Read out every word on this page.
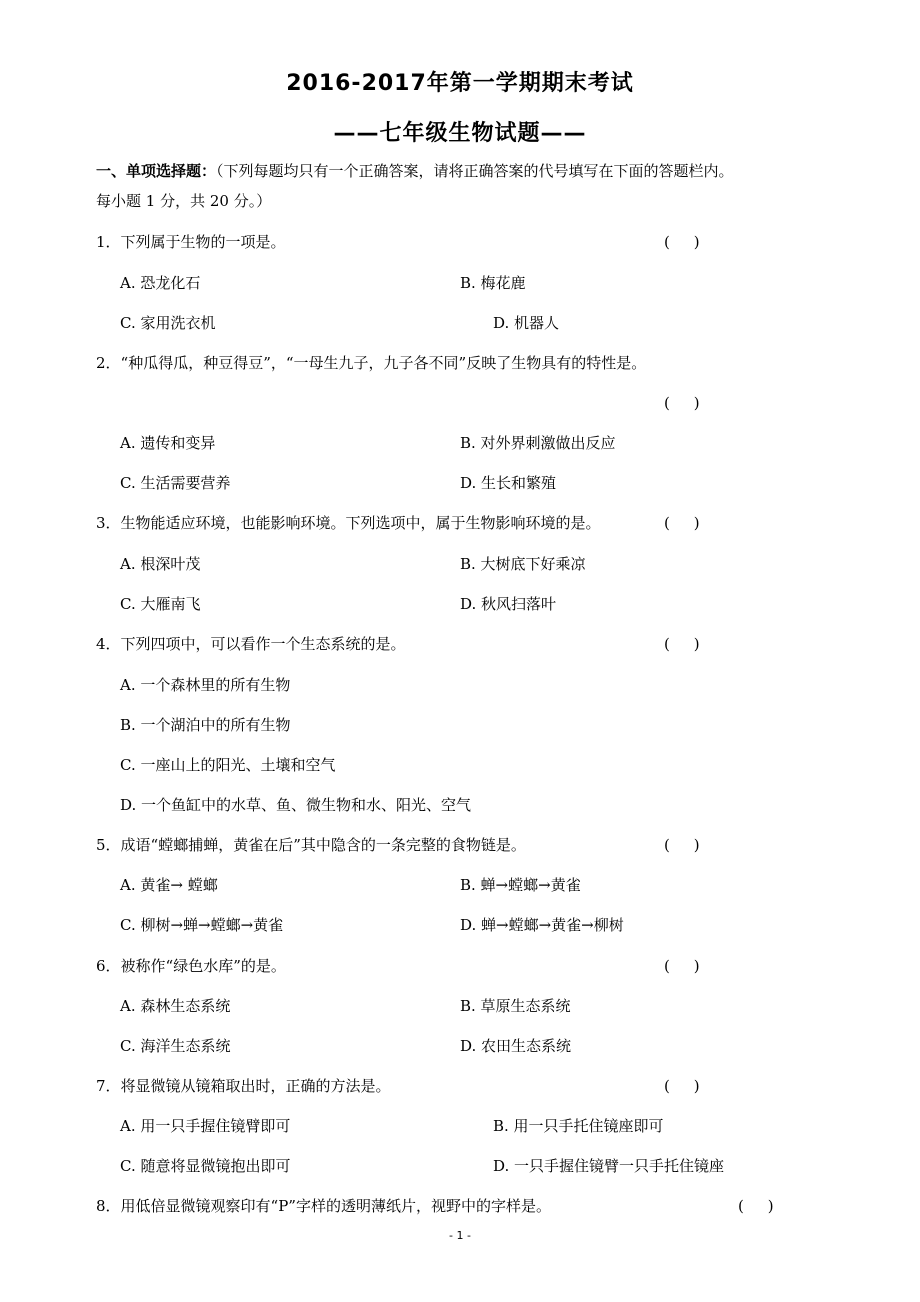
2016-2017年第一学期期末考试
——七年级生物试题——
一、单项选择题：（下列每题均只有一个正确答案，请将正确答案的代号填写在下面的答题栏内。
每小题 1 分，共 20 分。）
1．下列属于生物的一项是。	(     )
A. 恐龙化石	B. 梅花鹿
C. 家用洗衣机	D. 机器人
2．“种瓜得瓜，种豆得豆”，“一母生九子，九子各不同”反映了生物具有的特性是。
(     )
A. 遗传和变异	B. 对外界刺激做出反应
C. 生活需要营养	D. 生长和繁殖
3．生物能适应环境，也能影响环境。下列选项中，属于生物影响环境的是。	(     )
A. 根深叶茂	B. 大树底下好乘凉
C. 大雁南飞	D. 秋风扫落叶
4．下列四项中，可以看作一个生态系统的是。	(     )
A. 一个森林里的所有生物
B. 一个湖泊中的所有生物
C. 一座山上的阳光、土壤和空气
D. 一个鱼缸中的水草、鱼、微生物和水、阳光、空气
5．成语“螳螂捕蝉，黄雀在后”其中隐含的一条完整的食物链是。	(     )
A. 黄雀→ 螳螂	B. 蝉→螳螂→黄雀
C. 柳树→蝉→螳螂→黄雀	D. 蝉→螳螂→黄雀→柳树
6．被称作“绿色水库”的是。	(     )
A. 森林生态系统	B. 草原生态系统
C. 海洋生态系统	D. 农田生态系统
7．将显微镜从镜箱取出时，正确的方法是。	(     )
A. 用一只手握住镜臂即可	B. 用一只手托住镜座即可
C. 随意将显微镜抱出即可	D. 一只手握住镜臂一只手托住镜座
8．用低倍显微镜观察印有“P”字样的透明薄纸片，视野中的字样是。	(     )
- 1 -
